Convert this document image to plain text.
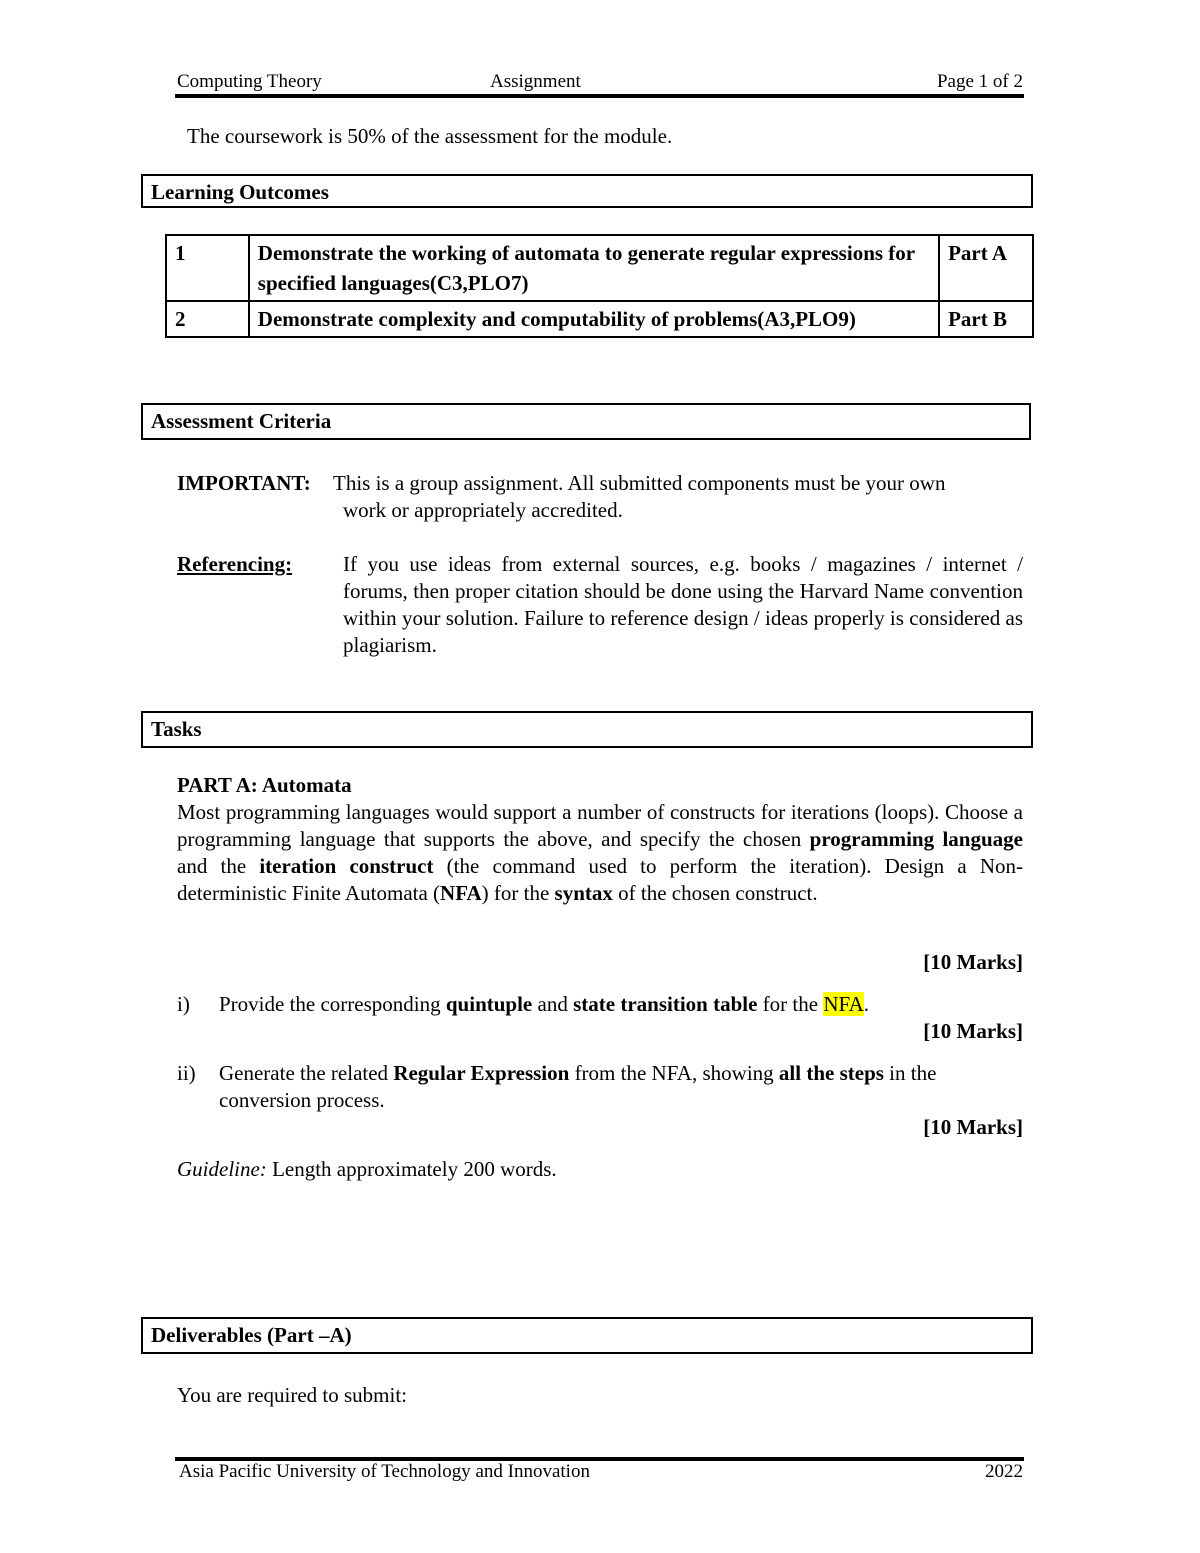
Computing Theory	Assignment	Page 1 of 2
The coursework is 50% of the assessment for the module.
Learning Outcomes
1	Demonstrate the working of automata to generate regular expressions for specified languages(C3,PLO7)	Part A
2	Demonstrate complexity and computability of problems(A3,PLO9)	Part B
Assessment Criteria
IMPORTANT: This is a group assignment. All submitted components must be your own
work or appropriately accredited.
Referencing: If you use ideas from external sources, e.g. books / magazines / internet / forums, then proper citation should be done using the Harvard Name convention within your solution. Failure to reference design / ideas properly is considered as plagiarism.
Tasks
PART A: Automata
Most programming languages would support a number of constructs for iterations (loops). Choose a programming language that supports the above, and specify the chosen programming language and the iteration construct (the command used to perform the iteration). Design a Non-deterministic Finite Automata (NFA) for the syntax of the chosen construct.
[10 Marks]
i) Provide the corresponding quintuple and state transition table for the NFA.
[10 Marks]
ii) Generate the related Regular Expression from the NFA, showing all the steps in the conversion process.
[10 Marks]
Guideline: Length approximately 200 words.
Deliverables (Part –A)
You are required to submit:
Asia Pacific University of Technology and Innovation	2022
